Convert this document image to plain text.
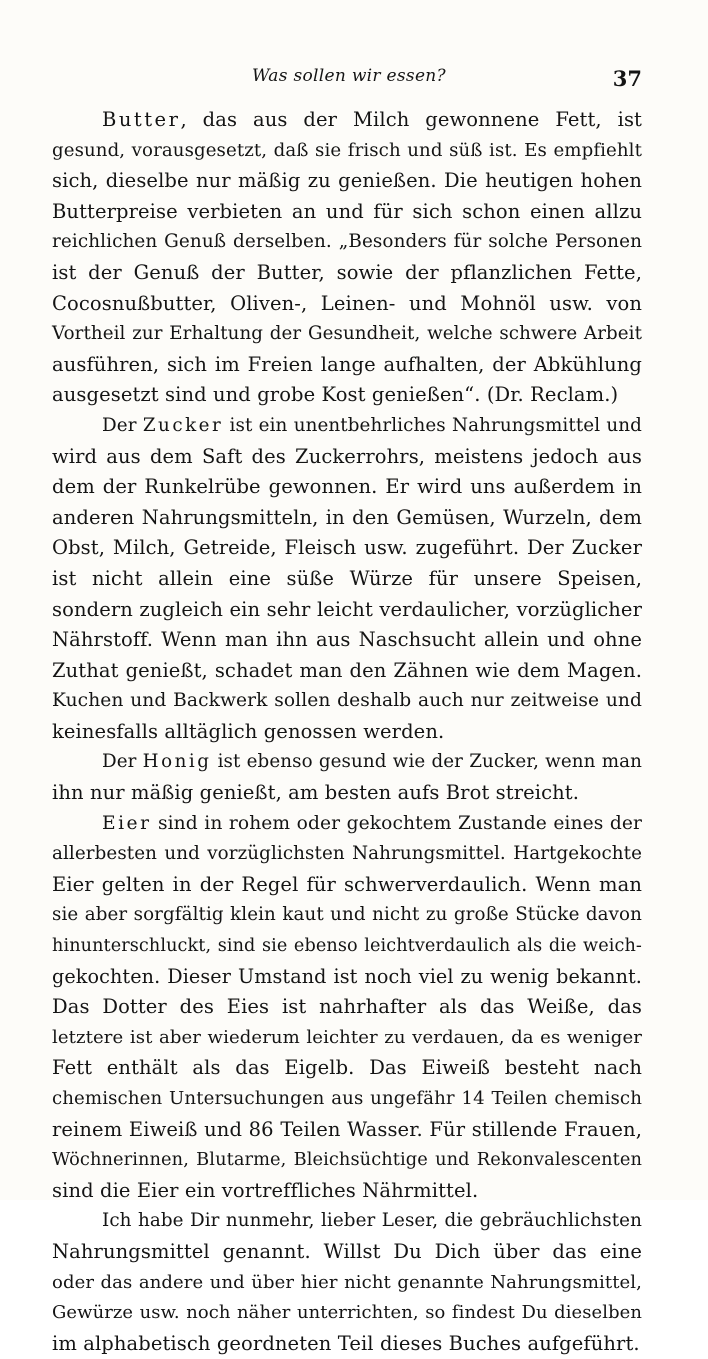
Was sollen wir essen?	37
Butter, das aus der Milch gewonnene Fett, ist
gesund, vorausgesetzt, daß sie frisch und süß ist. Es empfiehlt
sich, dieselbe nur mäßig zu genießen. Die heutigen hohen
Butterpreise verbieten an und für sich schon einen allzu
reichlichen Genuß derselben. „Besonders für solche Personen
ist der Genuß der Butter, sowie der pflanzlichen Fette,
Cocosnußbutter, Oliven-, Leinen- und Mohnöl usw. von
Vortheil zur Erhaltung der Gesundheit, welche schwere Arbeit
ausführen, sich im Freien lange aufhalten, der Abkühlung
ausgesetzt sind und grobe Kost genießen“. (Dr. Reclam.)
Der Zucker ist ein unentbehrliches Nahrungsmittel und
wird aus dem Saft des Zuckerrohrs, meistens jedoch aus
dem der Runkelrübe gewonnen. Er wird uns außerdem in
anderen Nahrungsmitteln, in den Gemüsen, Wurzeln, dem
Obst, Milch, Getreide, Fleisch usw. zugeführt. Der Zucker
ist nicht allein eine süße Würze für unsere Speisen,
sondern zugleich ein sehr leicht verdaulicher, vorzüglicher
Nährstoff. Wenn man ihn aus Naschsucht allein und ohne
Zuthat genießt, schadet man den Zähnen wie dem Magen.
Kuchen und Backwerk sollen deshalb auch nur zeitweise und
keinesfalls alltäglich genossen werden.
Der Honig ist ebenso gesund wie der Zucker, wenn man
ihn nur mäßig genießt, am besten aufs Brot streicht.
Eier sind in rohem oder gekochtem Zustande eines der
allerbesten und vorzüglichsten Nahrungsmittel. Hartgekochte
Eier gelten in der Regel für schwerverdaulich. Wenn man
sie aber sorgfältig klein kaut und nicht zu große Stücke davon
hinunterschluckt, sind sie ebenso leichtverdaulich als die weich-
gekochten. Dieser Umstand ist noch viel zu wenig bekannt.
Das Dotter des Eies ist nahrhafter als das Weiße, das
letztere ist aber wiederum leichter zu verdauen, da es weniger
Fett enthält als das Eigelb. Das Eiweiß besteht nach
chemischen Untersuchungen aus ungefähr 14 Teilen chemisch
reinem Eiweiß und 86 Teilen Wasser. Für stillende Frauen,
Wöchnerinnen, Blutarme, Bleichsüchtige und Rekonvalescenten
sind die Eier ein vortreffliches Nährmittel.
Ich habe Dir nunmehr, lieber Leser, die gebräuchlichsten
Nahrungsmittel genannt. Willst Du Dich über das eine
oder das andere und über hier nicht genannte Nahrungsmittel,
Gewürze usw. noch näher unterrichten, so findest Du dieselben
im alphabetisch geordneten Teil dieses Buches aufgeführt.
